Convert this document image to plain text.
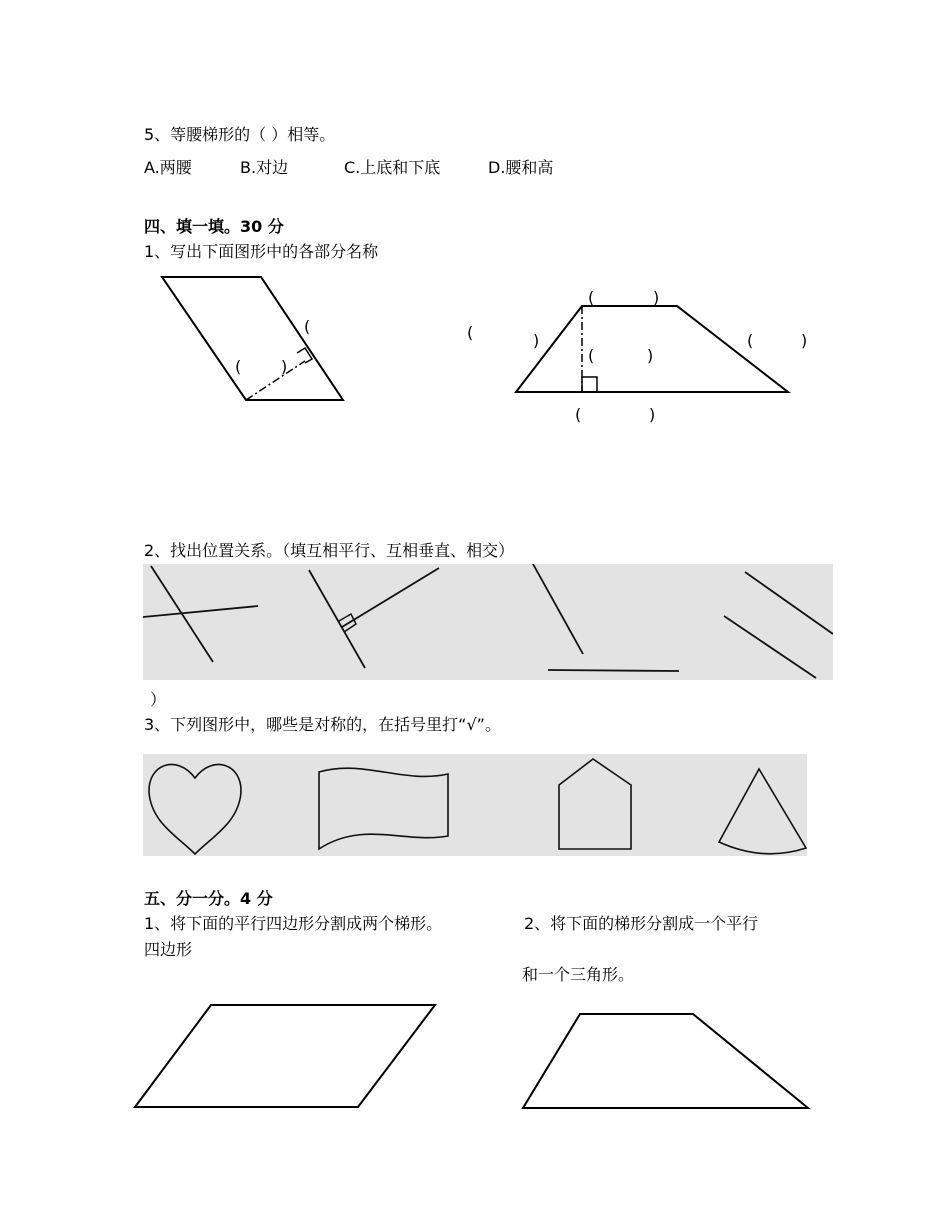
5、等腰梯形的（ ）相等。
A.两腰	B.对边	C.上底和下底	D.腰和高
四、填一填。30 分
1、写出下面图形中的各部分名称
(
( )
(	)
(	)
(	)
(	)
(	)
2、找出位置关系。（填互相平行、互相垂直、相交）
）
3、下列图形中，哪些是对称的，在括号里打“√”。
五、分一分。4 分
1、将下面的平行四边形分割成两个梯形。
四边形
2、将下面的梯形分割成一个平行
和一个三角形。
